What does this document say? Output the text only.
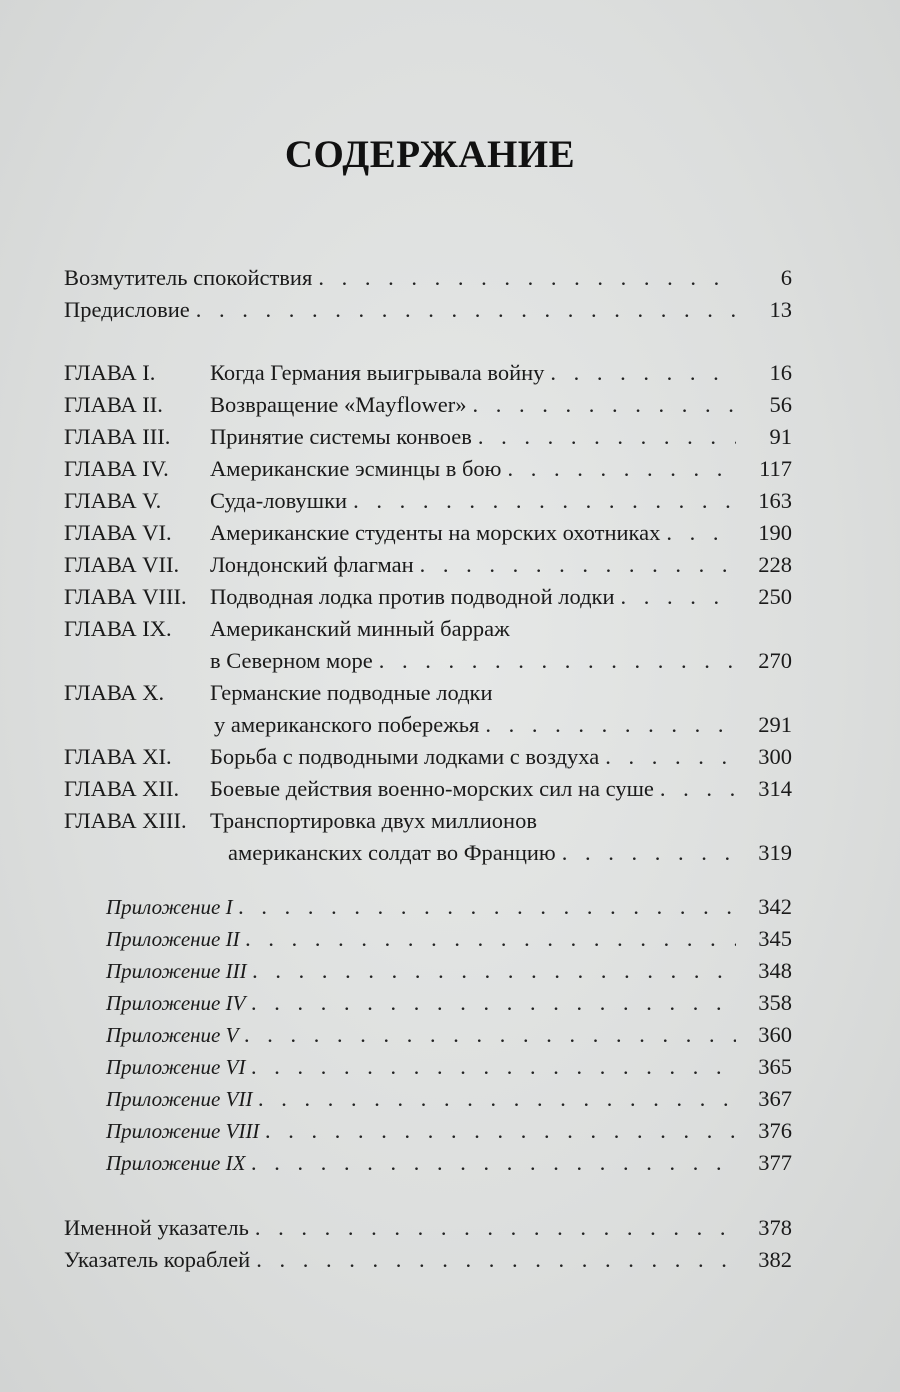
СОДЕРЖАНИЕ
Возмутитель спокойствия . . .	6
Предисловие . . .	13
ГЛАВА I.	Когда Германия выигрывала войну . . .	16
ГЛАВА II.	Возвращение «Mayflower» . . .	56
ГЛАВА III.	Принятие системы конвоев . . .	91
ГЛАВА IV.	Американские эсминцы в бою . . .	117
ГЛАВА V.	Суда-ловушки . . .	163
ГЛАВА VI.	Американские студенты на морских охотниках . . .	190
ГЛАВА VII.	Лондонский флагман . . .	228
ГЛАВА VIII.	Подводная лодка против подводной лодки . . .	250
ГЛАВА IX.	Американский минный барраж
в Северном море . . .	270
ГЛАВА X.	Германские подводные лодки
у американского побережья . . .	291
ГЛАВА XI.	Борьба с подводными лодками с воздуха . . .	300
ГЛАВА XII.	Боевые действия военно-морских сил на суше . . .	314
ГЛАВА XIII.	Транспортировка двух миллионов
американских солдат во Францию . . .	319
Приложение I . . .	342
Приложение II . . .	345
Приложение III . . .	348
Приложение IV . . .	358
Приложение V . . .	360
Приложение VI . . .	365
Приложение VII . . .	367
Приложение VIII . . .	376
Приложение IX . . .	377
Именной указатель . . .	378
Указатель кораблей . . .	382
